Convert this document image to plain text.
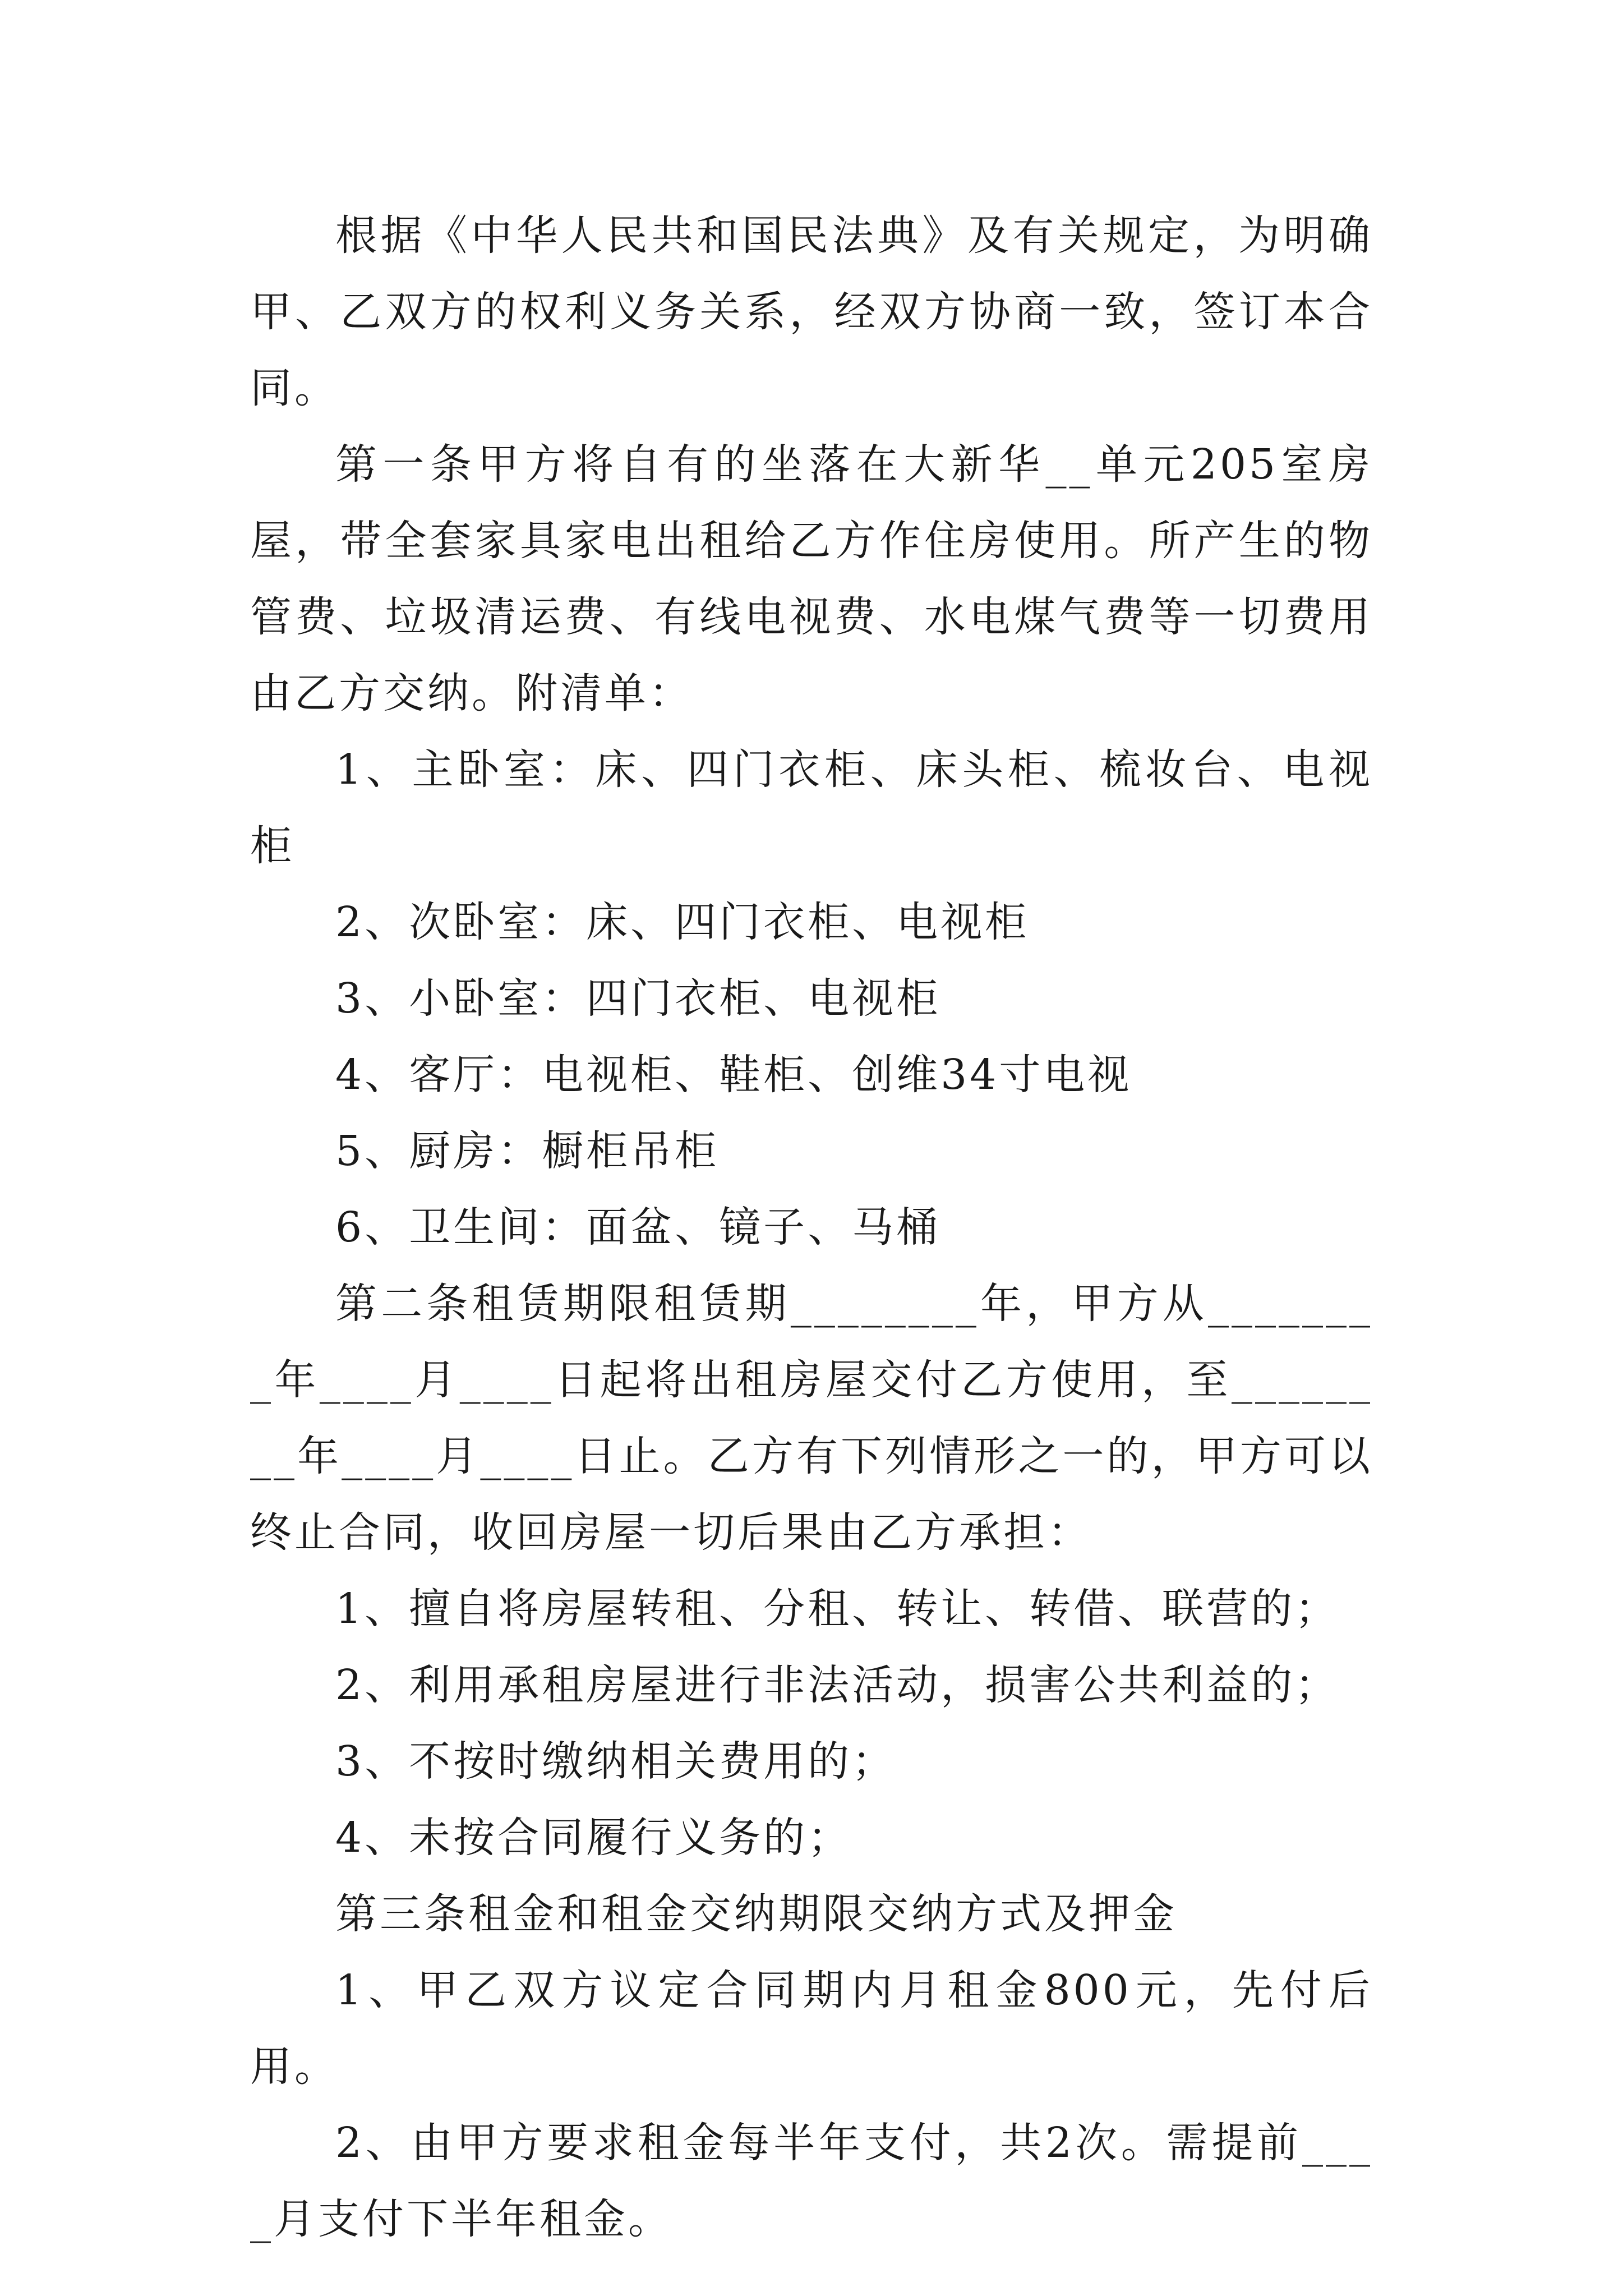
根据《中华人民共和国民法典》及有关规定，为明确甲、乙双方的权利义务关系，经双方协商一致，签订本合同。

第一条甲方将自有的坐落在大新华__单元205室房屋，带全套家具家电出租给乙方作住房使用。所产生的物管费、垃圾清运费、有线电视费、水电煤气费等一切费用由乙方交纳。附清单：

1、主卧室：床、四门衣柜、床头柜、梳妆台、电视柜

2、次卧室：床、四门衣柜、电视柜

3、小卧室：四门衣柜、电视柜

4、客厅：电视柜、鞋柜、创维34寸电视

5、厨房：橱柜吊柜

6、卫生间：面盆、镜子、马桶

第二条租赁期限租赁期________年，甲方从________年____月____日起将出租房屋交付乙方使用，至________年____月____日止。乙方有下列情形之一的，甲方可以终止合同，收回房屋一切后果由乙方承担：

1、擅自将房屋转租、分租、转让、转借、联营的；

2、利用承租房屋进行非法活动，损害公共利益的；

3、不按时缴纳相关费用的；

4、未按合同履行义务的；

第三条租金和租金交纳期限交纳方式及押金

1、甲乙双方议定合同期内月租金800元，先付后用。

2、由甲方要求租金每半年支付，共2次。需提前____月支付下半年租金。
